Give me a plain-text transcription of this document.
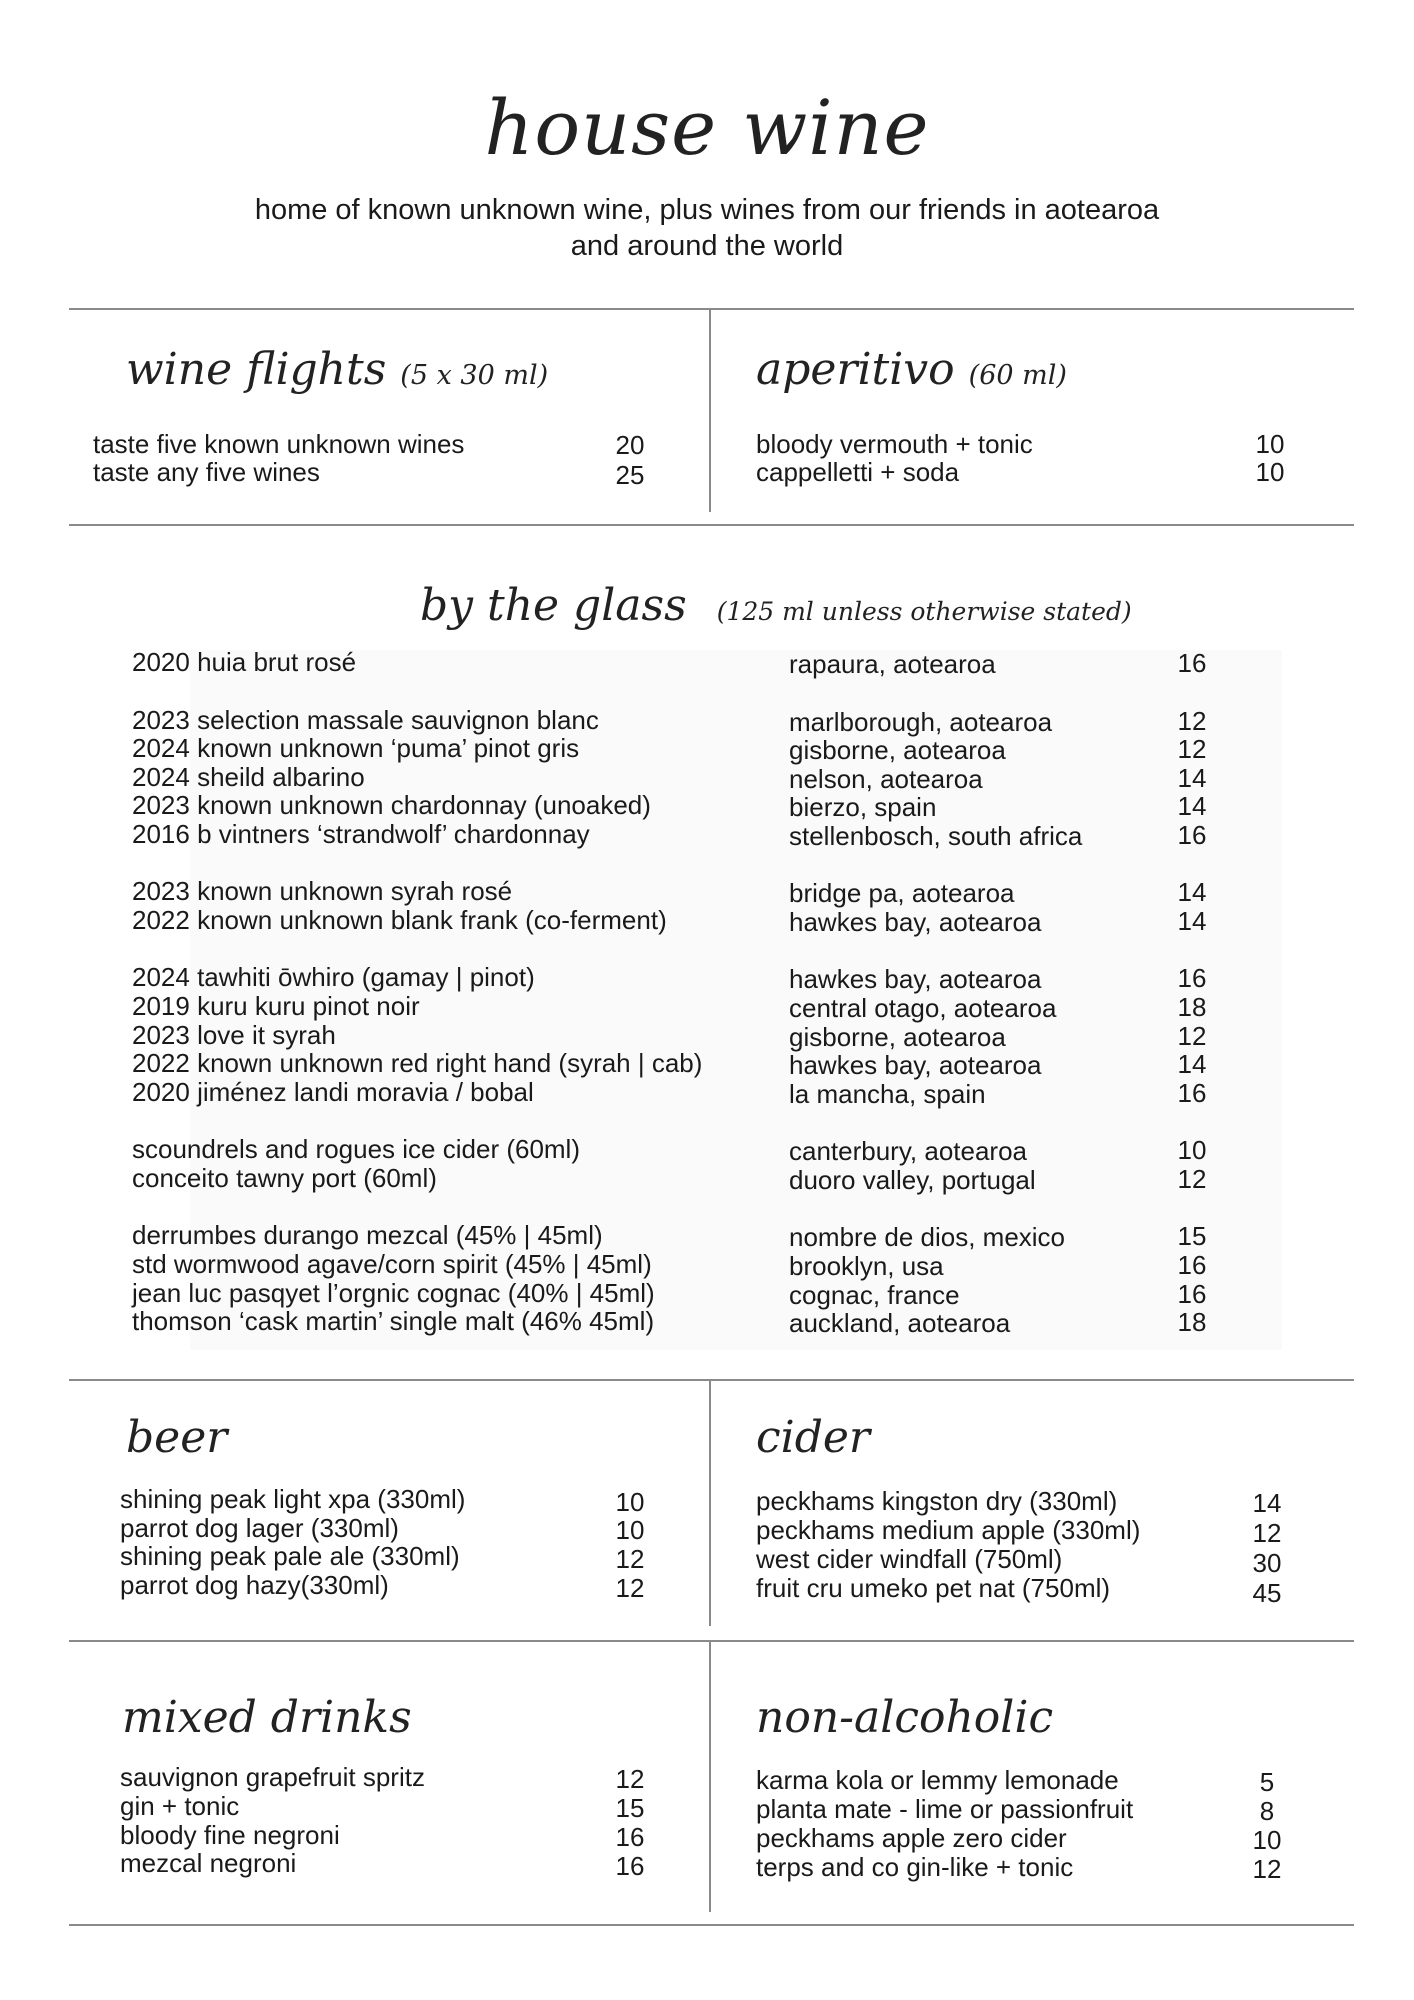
house wine
home of known unknown wine, plus wines from our friends in aotearoa
and around the world
wine flights (5 x 30 ml)
taste five known unknown wines	20
taste any five wines	25
aperitivo (60 ml)
bloody vermouth + tonic	10
cappelletti + soda	10
by the glass (125 ml unless otherwise stated)
2020 huia brut rosé	rapaura, aotearoa	16
2023 selection massale sauvignon blanc	marlborough, aotearoa	12
2024 known unknown ‘puma’ pinot gris	gisborne, aotearoa	12
2024 sheild albarino	nelson, aotearoa	14
2023 known unknown chardonnay (unoaked)	bierzo, spain	14
2016 b vintners ‘strandwolf’ chardonnay	stellenbosch, south africa	16
2023 known unknown syrah rosé	bridge pa, aotearoa	14
2022 known unknown blank frank (co-ferment)	hawkes bay, aotearoa	14
2024 tawhiti ōwhiro (gamay | pinot)	hawkes bay, aotearoa	16
2019 kuru kuru pinot noir	central otago, aotearoa	18
2023 love it syrah	gisborne, aotearoa	12
2022 known unknown red right hand (syrah | cab)	hawkes bay, aotearoa	14
2020 jiménez landi moravia / bobal	la mancha, spain	16
scoundrels and rogues ice cider (60ml)	canterbury, aotearoa	10
conceito tawny port (60ml)	duoro valley, portugal	12
derrumbes durango mezcal (45% | 45ml)	nombre de dios, mexico	15
std wormwood agave/corn spirit (45% | 45ml)	brooklyn, usa	16
jean luc pasqyet l’orgnic cognac (40% | 45ml)	cognac, france	16
thomson ‘cask martin’ single malt (46% 45ml)	auckland, aotearoa	18
beer
shining peak light xpa (330ml)	10
parrot dog lager (330ml)	10
shining peak pale ale (330ml)	12
parrot dog hazy(330ml)	12
cider
peckhams kingston dry (330ml)	14
peckhams medium apple (330ml)	12
west cider windfall (750ml)	30
fruit cru umeko pet nat (750ml)	45
mixed drinks
sauvignon grapefruit spritz	12
gin + tonic	15
bloody fine negroni	16
mezcal negroni	16
non-alcoholic
karma kola or lemmy lemonade	5
planta mate - lime or passionfruit	8
peckhams apple zero cider	10
terps and co gin-like + tonic	12
